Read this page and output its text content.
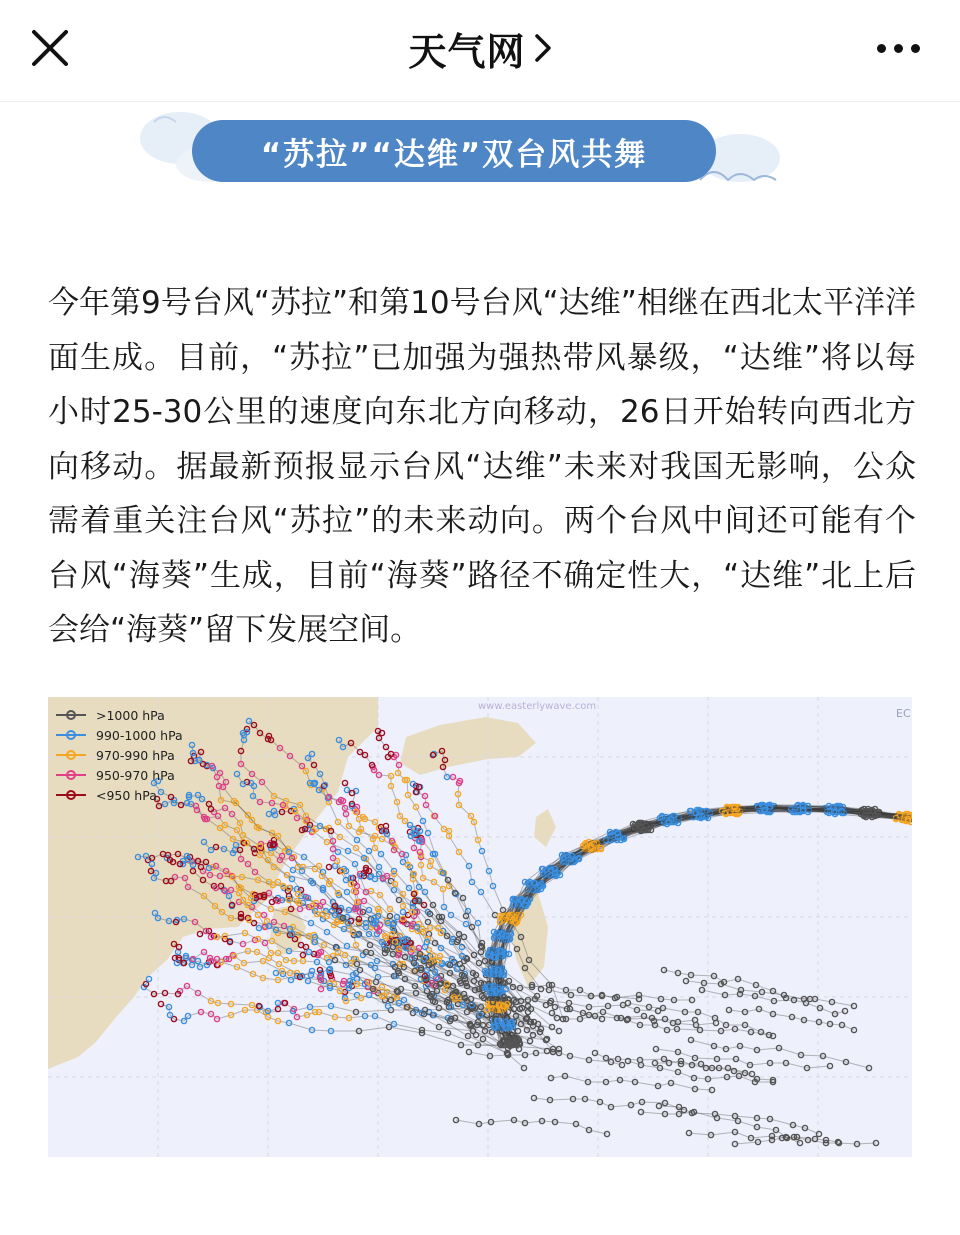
天气网
“苏拉”“达维”双台风共舞
今年第9号台风“苏拉”和第10号台风“达维”相继在西北太平洋洋面生成。目前，“苏拉”已加强为强热带风暴级，“达维”将以每小时25-30公里的速度向东北方向移动，26日开始转向西北方向移动。据最新预报显示台风“达维”未来对我国无影响，公众需着重关注台风“苏拉”的未来动向。两个台风中间还可能有个台风“海葵”生成，目前“海葵”路径不确定性大，“达维”北上后会给“海葵”留下发展空间。
www.easterlywave.com
EC
>1000 hPa
990-1000 hPa
970-990 hPa
950-970 hPa
<950 hPa
